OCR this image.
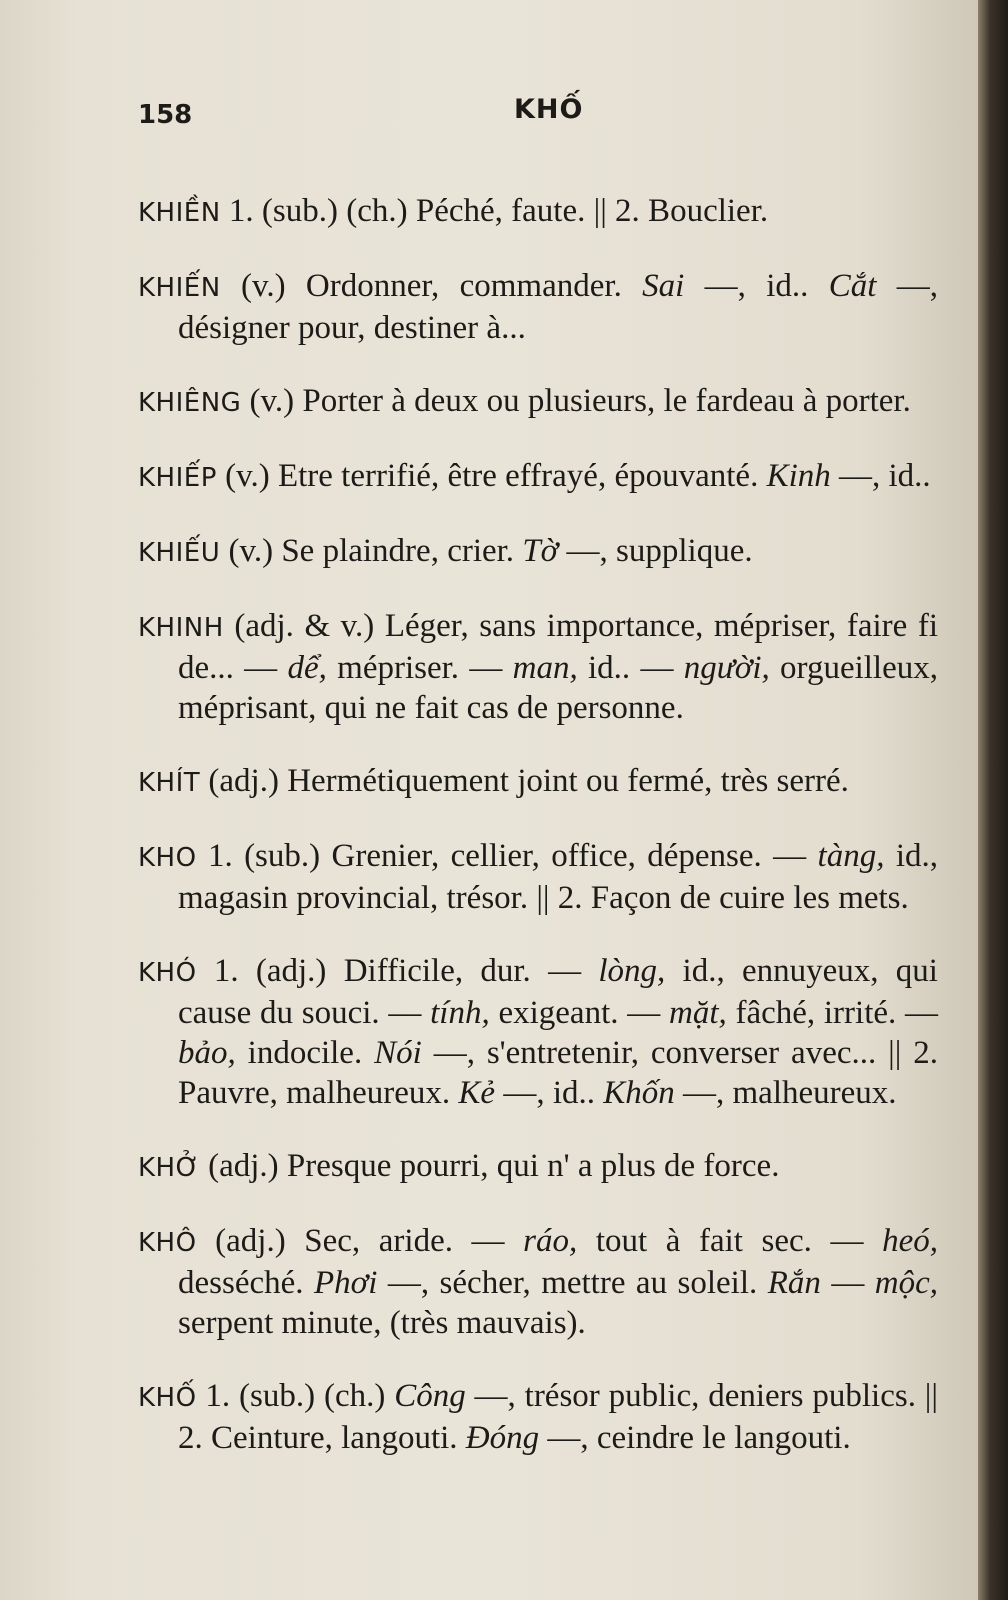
158	KHỐ

KHIỀN 1. (sub.) (ch.) Péché, faute. || 2. Bouclier.

KHIẾN (v.) Ordonner, commander. Sai —, id.. Cắt —, désigner pour, destiner à...

KHIÊNG (v.) Porter à deux ou plusieurs, le fardeau à porter.

KHIẾP (v.) Etre terrifié, être effrayé, épouvanté. Kinh —, id..

KHIẾU (v.) Se plaindre, crier. Tờ —, supplique.

KHINH (adj. & v.) Léger, sans importance, mépriser, faire fi de... — dể, mépriser. — man, id.. — người, orgueilleux, méprisant, qui ne fait cas de personne.

KHÍT (adj.) Hermétiquement joint ou fermé, très serré.

KHO 1. (sub.) Grenier, cellier, office, dépense. — tàng, id., magasin provincial, trésor. || 2. Façon de cuire les mets.

KHÓ 1. (adj.) Difficile, dur. — lòng, id., ennuyeux, qui cause du souci. — tính, exigeant. — mặt, fâché, irrité. — bảo, indocile. Nói —, s'entretenir, converser avec... || 2. Pauvre, malheureux. Kẻ —, id.. Khốn —, malheureux.

KHỞ (adj.) Presque pourri, qui n' a plus de force.

KHÔ (adj.) Sec, aride. — ráo, tout à fait sec. — heó, desséché. Phơi —, sécher, mettre au soleil. Rắn — mộc, serpent minute, (très mauvais).

KHỐ 1. (sub.) (ch.) Công —, trésor public, deniers publics. || 2. Ceinture, langouti. Đóng —, ceindre le langouti.
